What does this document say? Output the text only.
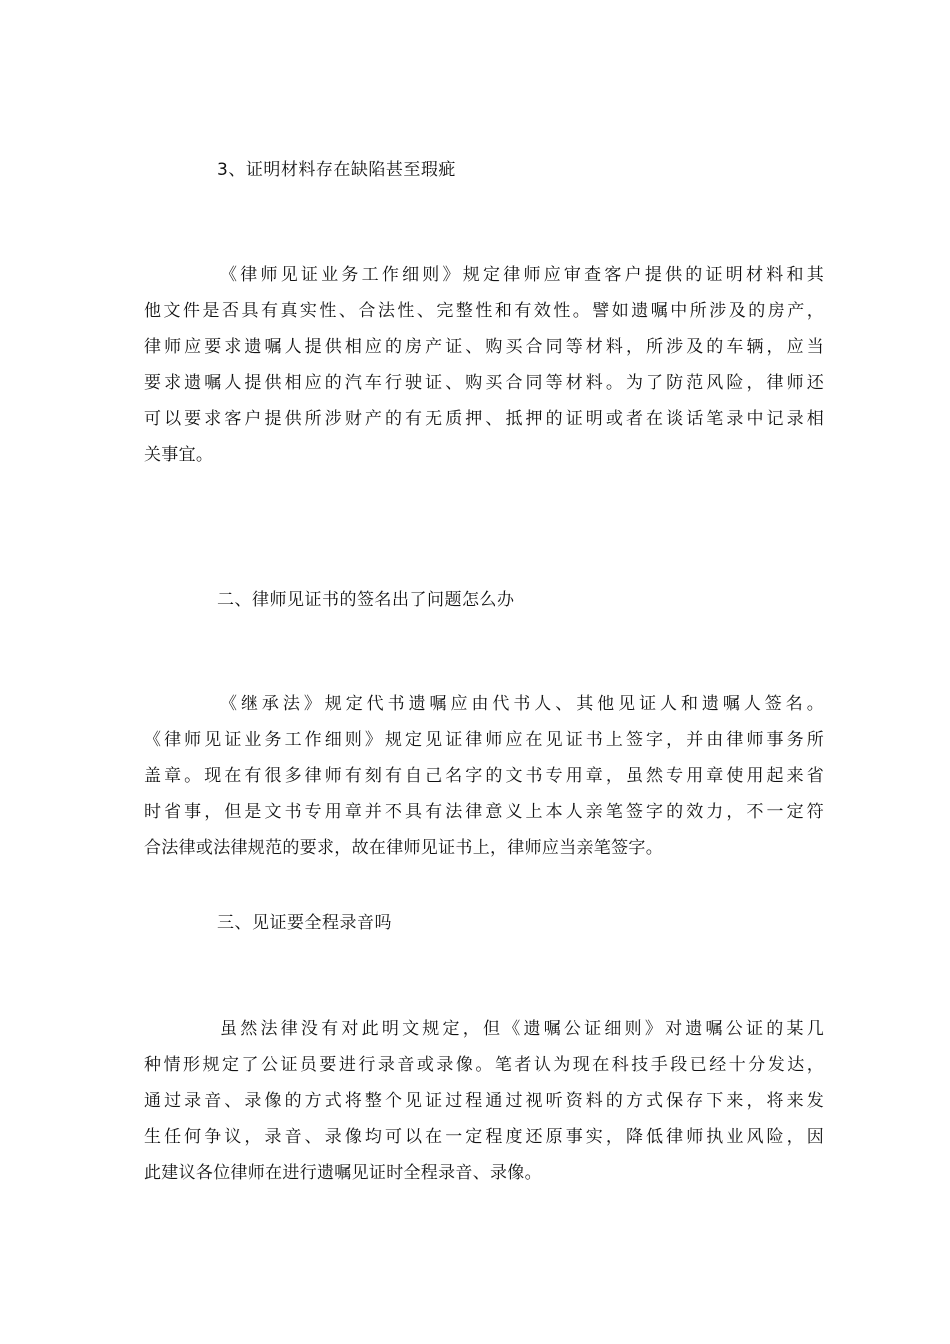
3、证明材料存在缺陷甚至瑕疵
《律师见证业务工作细则》规定律师应审查客户提供的证明材料和其
他文件是否具有真实性、合法性、完整性和有效性。譬如遗嘱中所涉及的房产，
律师应要求遗嘱人提供相应的房产证、购买合同等材料，所涉及的车辆，应当
要求遗嘱人提供相应的汽车行驶证、购买合同等材料。为了防范风险，律师还
可以要求客户提供所涉财产的有无质押、抵押的证明或者在谈话笔录中记录相
关事宜。
二、律师见证书的签名出了问题怎么办
《继承法》规定代书遗嘱应由代书人、其他见证人和遗嘱人签名。
《律师见证业务工作细则》规定见证律师应在见证书上签字，并由律师事务所
盖章。现在有很多律师有刻有自己名字的文书专用章，虽然专用章使用起来省
时省事，但是文书专用章并不具有法律意义上本人亲笔签字的效力，不一定符
合法律或法律规范的要求，故在律师见证书上，律师应当亲笔签字。
三、见证要全程录音吗
虽然法律没有对此明文规定，但《遗嘱公证细则》对遗嘱公证的某几
种情形规定了公证员要进行录音或录像。笔者认为现在科技手段已经十分发达，
通过录音、录像的方式将整个见证过程通过视听资料的方式保存下来，将来发
生任何争议，录音、录像均可以在一定程度还原事实，降低律师执业风险，因
此建议各位律师在进行遗嘱见证时全程录音、录像。
